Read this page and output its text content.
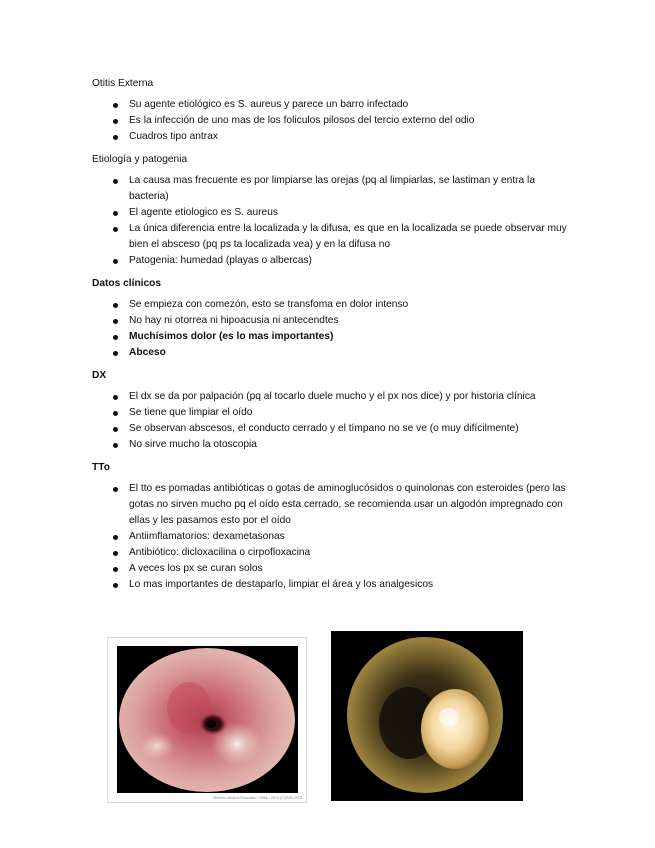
Otitis Externa
Su agente etiológico es S. aureus y parece un barro infectado
Es la infección de uno mas de los foliculos pilosos del tercio externo del odio
Cuadros tipo antrax
Etiología y patogenia
La causa mas frecuente es por limpiarse las orejas (pq al limpiarlas, se lastiman y entra la bacteria)
El agente etiologico es S. aureus
La única diferencia entre la localizada y la difusa, es que en la localizada se puede observar muy bien el absceso (pq ps ta localizada vea) y en la difusa no
Patogenia: humedad (playas o albercas)
Datos clínicos
Se empieza con comezón, esto se transfoma en dolor intenso
No hay ni otorrea ni hipoacusia ni antecendtes
Muchísimos dolor (es lo mas importantes)
Abceso
DX
El dx se da por palpación (pq al tocarlo duele mucho y el px nos dice) y por historia clínica
Se tiene que limpiar el oído
Se observan abscesos, el conducto cerrado y el tímpano no se ve (o muy difícilmente)
No sirve mucho la otoscopia
TTo
El tto es pomadas antibióticas o gotas de aminoglucósidos o quinolonas con esteroides (pero las gotas no sirven mucho pq el oído esta cerrado, se recomienda usar un algodón impregnado con ellas y les pasamos esto por el oído
Antiimflamatorios: dexametasonas
Antibiótico: dicloxacilina o cirpofloxacina
A veces los px se curan solos
Lo mas importantes de destaparlo, limpiar el área y los analgesicos
Stevens Medical Education / Otitis • 2010 (C)2000-2010
